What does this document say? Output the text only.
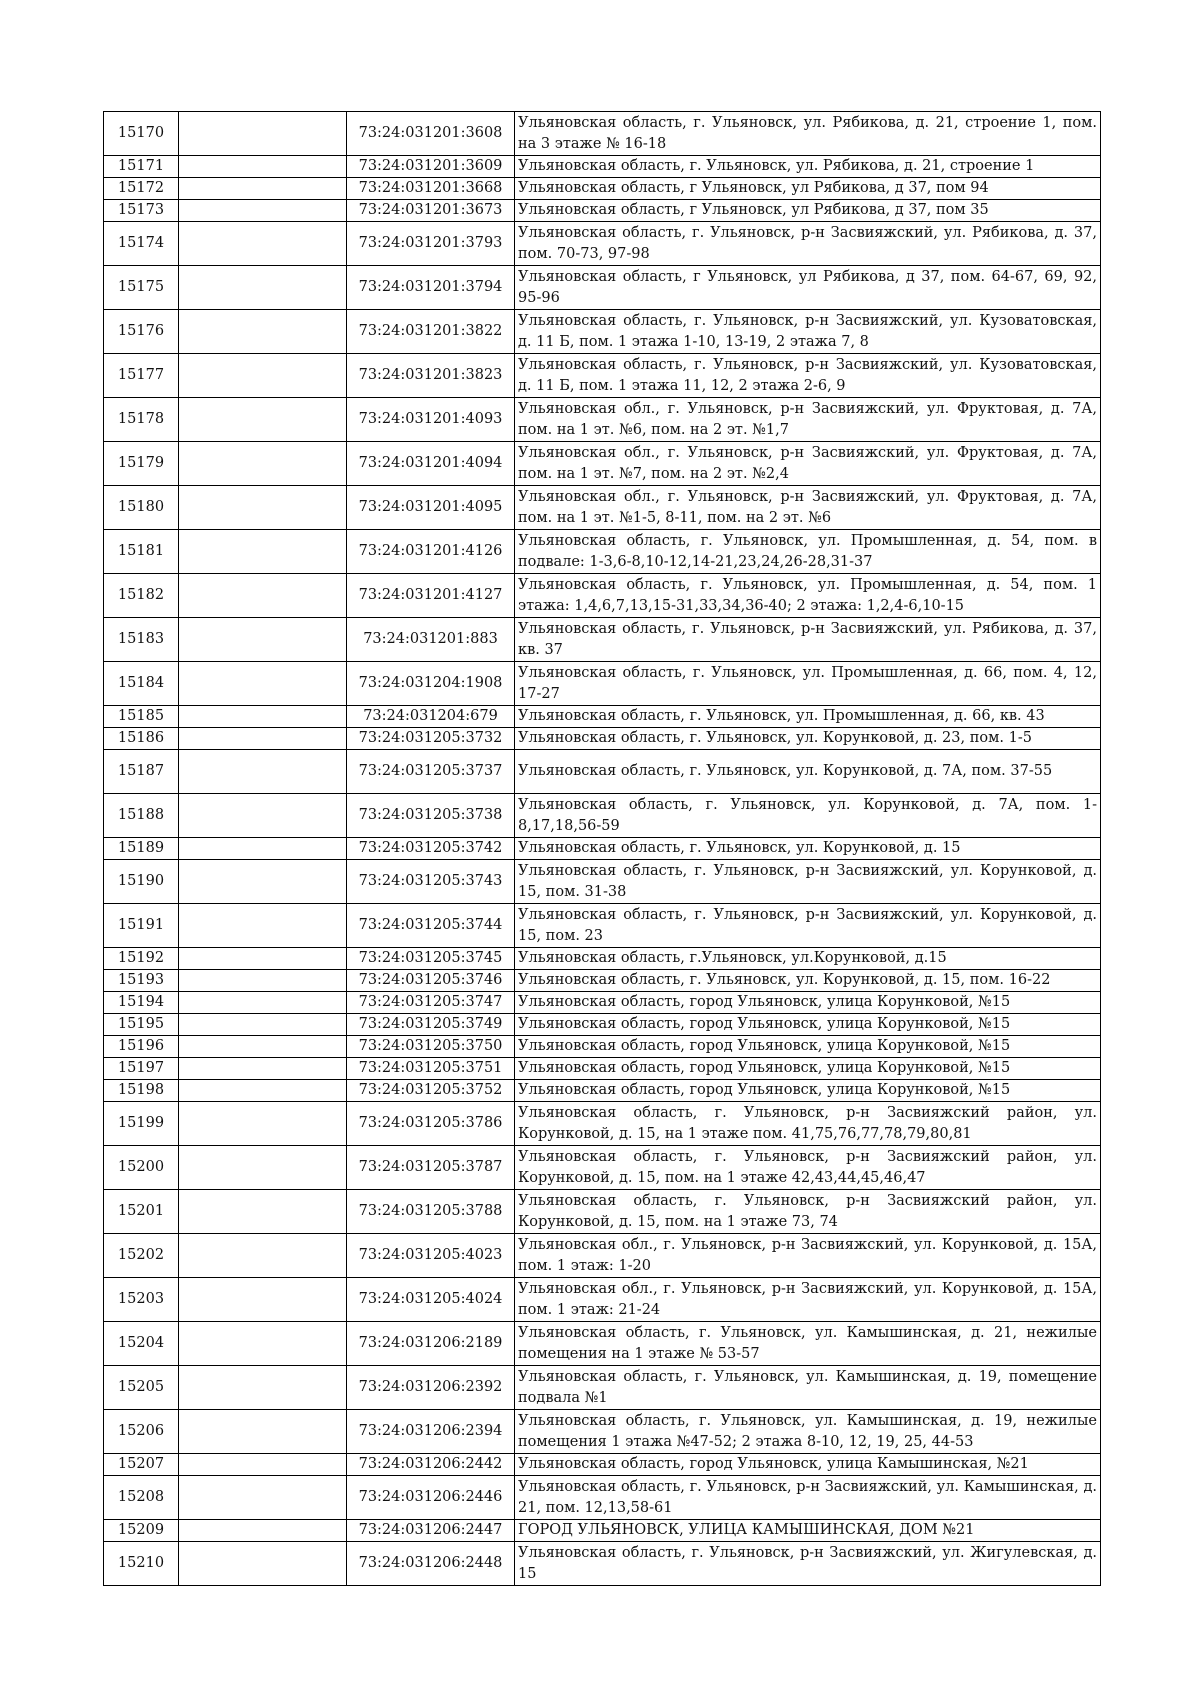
15170		73:24:031201:3608	Ульяновская область, г. Ульяновск, ул. Рябикова, д. 21, строение 1, пом. на 3 этаже № 16-18
15171		73:24:031201:3609	Ульяновская область, г. Ульяновск, ул. Рябикова, д. 21, строение 1
15172		73:24:031201:3668	Ульяновская область, г Ульяновск, ул Рябикова, д 37, пом 94
15173		73:24:031201:3673	Ульяновская область, г Ульяновск, ул Рябикова, д 37, пом 35
15174		73:24:031201:3793	Ульяновская область, г. Ульяновск, р-н Засвияжский, ул. Рябикова, д. 37, пом. 70-73, 97-98
15175		73:24:031201:3794	Ульяновская область, г Ульяновск, ул Рябикова, д 37, пом. 64-67, 69, 92, 95-96
15176		73:24:031201:3822	Ульяновская область, г. Ульяновск, р-н Засвияжский, ул. Кузоватовская, д. 11 Б, пом. 1 этажа 1-10, 13-19, 2 этажа 7, 8
15177		73:24:031201:3823	Ульяновская область, г. Ульяновск, р-н Засвияжский, ул. Кузоватовская, д. 11 Б, пом. 1 этажа 11, 12, 2 этажа 2-6, 9
15178		73:24:031201:4093	Ульяновская обл., г. Ульяновск, р-н Засвияжский, ул. Фруктовая, д. 7А, пом. на 1 эт. №6, пом. на 2 эт. №1,7
15179		73:24:031201:4094	Ульяновская обл., г. Ульяновск, р-н Засвияжский, ул. Фруктовая, д. 7А, пом. на 1 эт. №7, пом. на 2 эт. №2,4
15180		73:24:031201:4095	Ульяновская обл., г. Ульяновск, р-н Засвияжский, ул. Фруктовая, д. 7А, пом. на 1 эт. №1-5, 8-11, пом. на 2 эт. №6
15181		73:24:031201:4126	Ульяновская область, г. Ульяновск, ул. Промышленная, д. 54, пом. в подвале: 1-3,6-8,10-12,14-21,23,24,26-28,31-37
15182		73:24:031201:4127	Ульяновская область, г. Ульяновск, ул. Промышленная, д. 54, пом. 1 этажа: 1,4,6,7,13,15-31,33,34,36-40; 2 этажа: 1,2,4-6,10-15
15183		73:24:031201:883	Ульяновская область, г. Ульяновск, р-н Засвияжский, ул. Рябикова, д. 37, кв. 37
15184		73:24:031204:1908	Ульяновская область, г. Ульяновск, ул. Промышленная, д. 66, пом. 4, 12, 17-27
15185		73:24:031204:679	Ульяновская область, г. Ульяновск, ул. Промышленная, д. 66, кв. 43
15186		73:24:031205:3732	Ульяновская область, г. Ульяновск, ул. Корунковой, д. 23, пом. 1-5
15187		73:24:031205:3737	Ульяновская область, г. Ульяновск, ул. Корунковой, д. 7А, пом. 37-55
15188		73:24:031205:3738	Ульяновская область, г. Ульяновск, ул. Корунковой, д. 7А, пом. 1-8,17,18,56-59
15189		73:24:031205:3742	Ульяновская область, г. Ульяновск, ул. Корунковой, д. 15
15190		73:24:031205:3743	Ульяновская область, г. Ульяновск, р-н Засвияжский, ул. Корунковой, д. 15, пом. 31-38
15191		73:24:031205:3744	Ульяновская область, г. Ульяновск, р-н Засвияжский, ул. Корунковой, д. 15, пом. 23
15192		73:24:031205:3745	Ульяновская область, г.Ульяновск, ул.Корунковой, д.15
15193		73:24:031205:3746	Ульяновская область, г. Ульяновск, ул. Корунковой, д. 15, пом. 16-22
15194		73:24:031205:3747	Ульяновская область, город Ульяновск, улица Корунковой, №15
15195		73:24:031205:3749	Ульяновская область, город Ульяновск, улица Корунковой, №15
15196		73:24:031205:3750	Ульяновская область, город Ульяновск, улица Корунковой, №15
15197		73:24:031205:3751	Ульяновская область, город Ульяновск, улица Корунковой, №15
15198		73:24:031205:3752	Ульяновская область, город Ульяновск, улица Корунковой, №15
15199		73:24:031205:3786	Ульяновская область, г. Ульяновск, р-н Засвияжский район, ул. Корунковой, д. 15, на 1 этаже пом. 41,75,76,77,78,79,80,81
15200		73:24:031205:3787	Ульяновская область, г. Ульяновск, р-н Засвияжский район, ул. Корунковой, д. 15, пом. на 1 этаже 42,43,44,45,46,47
15201		73:24:031205:3788	Ульяновская область, г. Ульяновск, р-н Засвияжский район, ул. Корунковой, д. 15, пом. на 1 этаже 73, 74
15202		73:24:031205:4023	Ульяновская обл., г. Ульяновск, р-н Засвияжский, ул. Корунковой, д. 15А, пом. 1 этаж: 1-20
15203		73:24:031205:4024	Ульяновская обл., г. Ульяновск, р-н Засвияжский, ул. Корунковой, д. 15А, пом. 1 этаж: 21-24
15204		73:24:031206:2189	Ульяновская область, г. Ульяновск, ул. Камышинская, д. 21, нежилые помещения на 1 этаже № 53-57
15205		73:24:031206:2392	Ульяновская область, г. Ульяновск, ул. Камышинская, д. 19, помещение подвала №1
15206		73:24:031206:2394	Ульяновская область, г. Ульяновск, ул. Камышинская, д. 19, нежилые помещения 1 этажа №47-52; 2 этажа 8-10, 12, 19, 25, 44-53
15207		73:24:031206:2442	Ульяновская область, город Ульяновск, улица Камышинская, №21
15208		73:24:031206:2446	Ульяновская область, г. Ульяновск, р-н Засвияжский, ул. Камышинская, д. 21, пом. 12,13,58-61
15209		73:24:031206:2447	ГОРОД УЛЬЯНОВСК, УЛИЦА КАМЫШИНСКАЯ, ДОМ №21
15210		73:24:031206:2448	Ульяновская область, г. Ульяновск, р-н Засвияжский, ул. Жигулевская, д. 15
